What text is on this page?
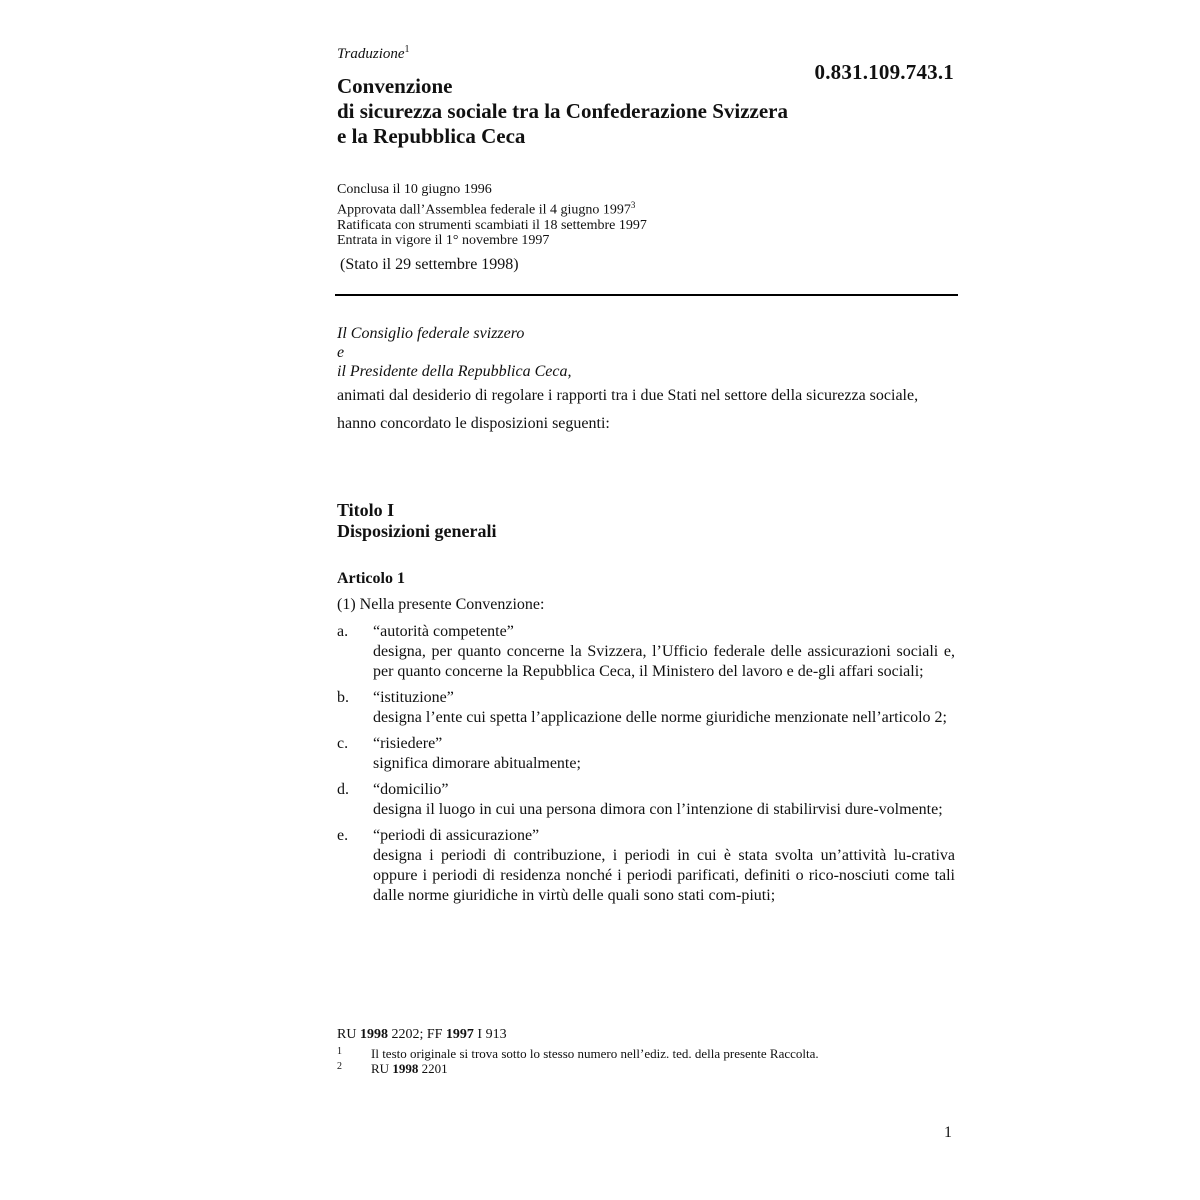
Traduzione$^1$
0.831.109.743.1
Convenzione
di sicurezza sociale tra la Confederazione Svizzera
e la Repubblica Ceca
Conclusa il 10 giugno 1996
Approvata dall’Assemblea federale il 4 giugno 1997$^3$
Ratificata con strumenti scambiati il 18 settembre 1997
Entrata in vigore il 1° novembre 1997
(Stato il 29 settembre 1998)
Il Consiglio federale svizzero
e
il Presidente della Repubblica Ceca,
animati dal desiderio di regolare i rapporti tra i due Stati nel settore della sicurezza sociale,
hanno concordato le disposizioni seguenti:
Titolo I
Disposizioni generali
Articolo 1
(1) Nella presente Convenzione:
a. “autorità competente”
designa, per quanto concerne la Svizzera, l’Ufficio federale delle assicurazioni sociali e, per quanto concerne la Repubblica Ceca, il Ministero del lavoro e de-gli affari sociali;
b. “istituzione”
designa l’ente cui spetta l’applicazione delle norme giuridiche menzionate nell’articolo 2;
c. “risiedere”
significa dimorare abitualmente;
d. “domicilio”
designa il luogo in cui una persona dimora con l’intenzione di stabilirvisi dure-volmente;
e. “periodi di assicurazione”
designa i periodi di contribuzione, i periodi in cui è stata svolta un’attività lu-crativa oppure i periodi di residenza nonché i periodi parificati, definiti o rico-nosciuti come tali dalle norme giuridiche in virtù delle quali sono stati com-piuti;
RU 1998 2202; FF 1997 I 913
1 Il testo originale si trova sotto lo stesso numero nell’ediz. ted. della presente Raccolta.
2 RU 1998 2201
1
